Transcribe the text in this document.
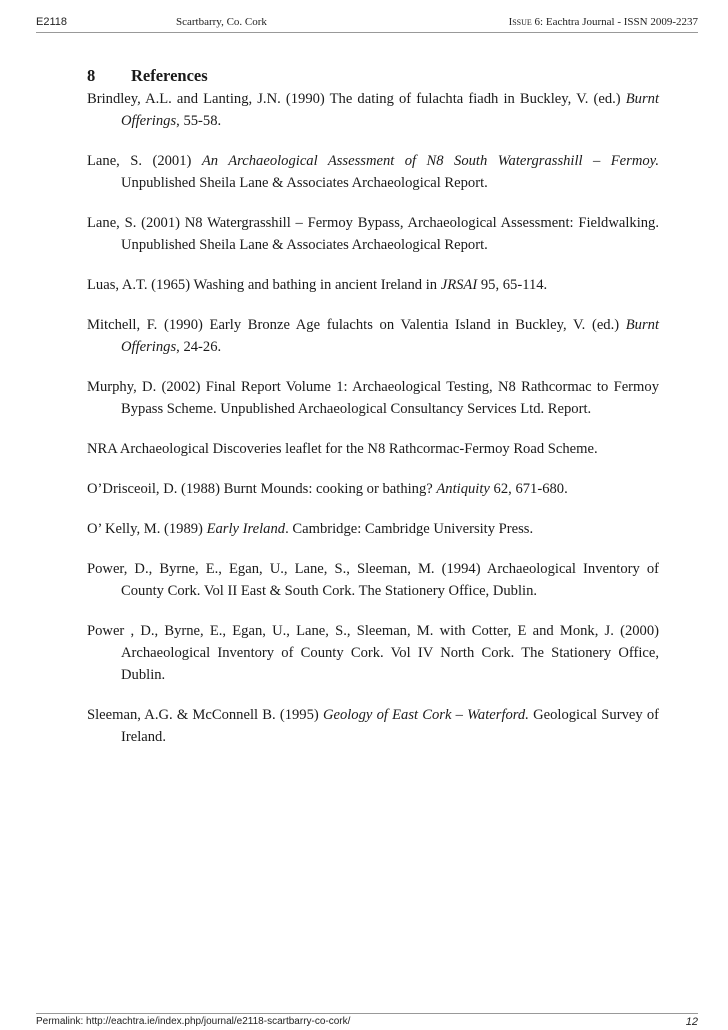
E2118	Scartbarry, Co. Cork	Issue 6: Eachtra Journal - ISSN 2009-2237
8 References

Brindley, A.L. and Lanting, J.N. (1990) The dating of fulachta fiadh in Buckley, V. (ed.) Burnt Offerings, 55-58.

Lane, S. (2001) An Archaeological Assessment of N8 South Watergrasshill – Fermoy. Unpublished Sheila Lane & Associates Archaeological Report.

Lane, S. (2001) N8 Watergrasshill – Fermoy Bypass, Archaeological Assessment: Fieldwalking. Unpublished Sheila Lane & Associates Archaeological Report.

Luas, A.T. (1965) Washing and bathing in ancient Ireland in JRSAI 95, 65-114.

Mitchell, F. (1990) Early Bronze Age fulachts on Valentia Island in Buckley, V. (ed.) Burnt Offerings, 24-26.

Murphy, D. (2002) Final Report Volume 1: Archaeological Testing, N8 Rathcormac to Fermoy Bypass Scheme. Unpublished Archaeological Consultancy Services Ltd. Report.

NRA Archaeological Discoveries leaflet for the N8 Rathcormac-Fermoy Road Scheme.

O’Drisceoil, D. (1988) Burnt Mounds: cooking or bathing? Antiquity 62, 671-680.

O’ Kelly, M. (1989) Early Ireland. Cambridge: Cambridge University Press.

Power, D., Byrne, E., Egan, U., Lane, S., Sleeman, M. (1994) Archaeological Inventory of County Cork. Vol II East & South Cork. The Stationery Office, Dublin.

Power , D., Byrne, E., Egan, U., Lane, S., Sleeman, M. with Cotter, E and Monk, J. (2000) Archaeological Inventory of County Cork. Vol IV North Cork. The Stationery Office, Dublin.

Sleeman, A.G. & McConnell B. (1995) Geology of East Cork – Waterford. Geological Survey of Ireland.

Permalink: http://eachtra.ie/index.php/journal/e2118-scartbarry-co-cork/	12
